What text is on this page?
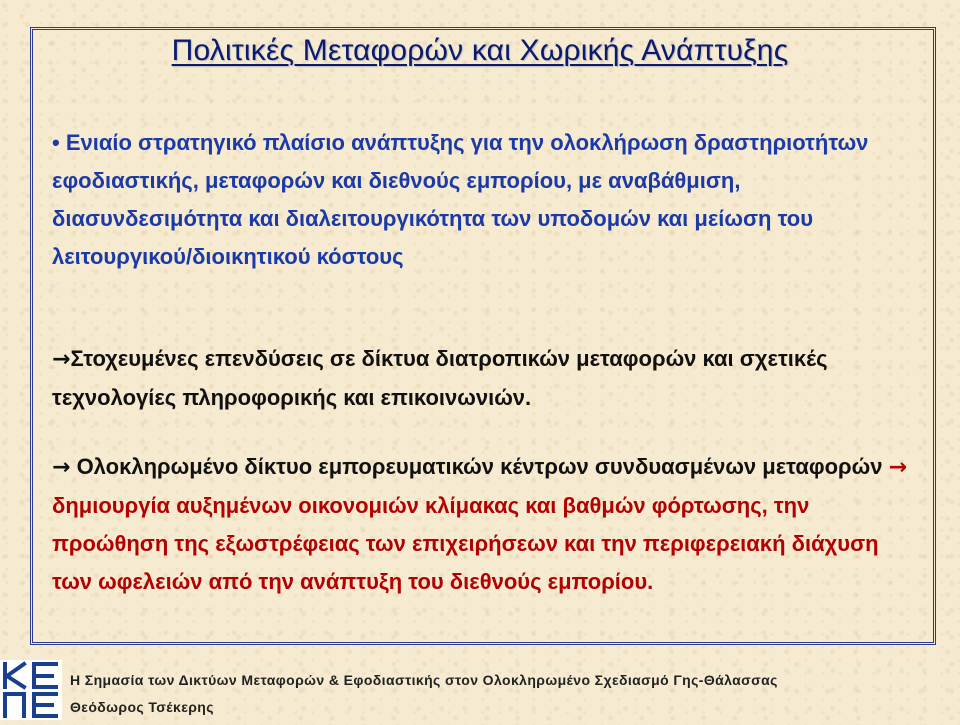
Πολιτικές Μεταφορών και Χωρικής Ανάπτυξης

• Ενιαίο στρατηγικό πλαίσιο ανάπτυξης για την ολοκλήρωση δραστηριοτήτων εφοδιαστικής, μεταφορών και διεθνούς εμπορίου, με αναβάθμιση, διασυνδεσιμότητα και διαλειτουργικότητα των υποδομών και μείωση του λειτουργικού/διοικητικού κόστους

→Στοχευμένες επενδύσεις σε δίκτυα διατροπικών μεταφορών και σχετικές τεχνολογίες πληροφορικής και επικοινωνιών.

→ Ολοκληρωμένο δίκτυο εμπορευματικών κέντρων συνδυασμένων μεταφορών → δημιουργία αυξημένων οικονομιών κλίμακας και βαθμών φόρτωσης, την προώθηση της εξωστρέφειας των επιχειρήσεων και την περιφερειακή διάχυση των ωφελειών από την ανάπτυξη του διεθνούς εμπορίου.

Η Σημασία των Δικτύων Μεταφορών & Εφοδιαστικής στον Ολοκληρωμένο Σχεδιασμό Γης-Θάλασσας
Θεόδωρος Τσέκερης
